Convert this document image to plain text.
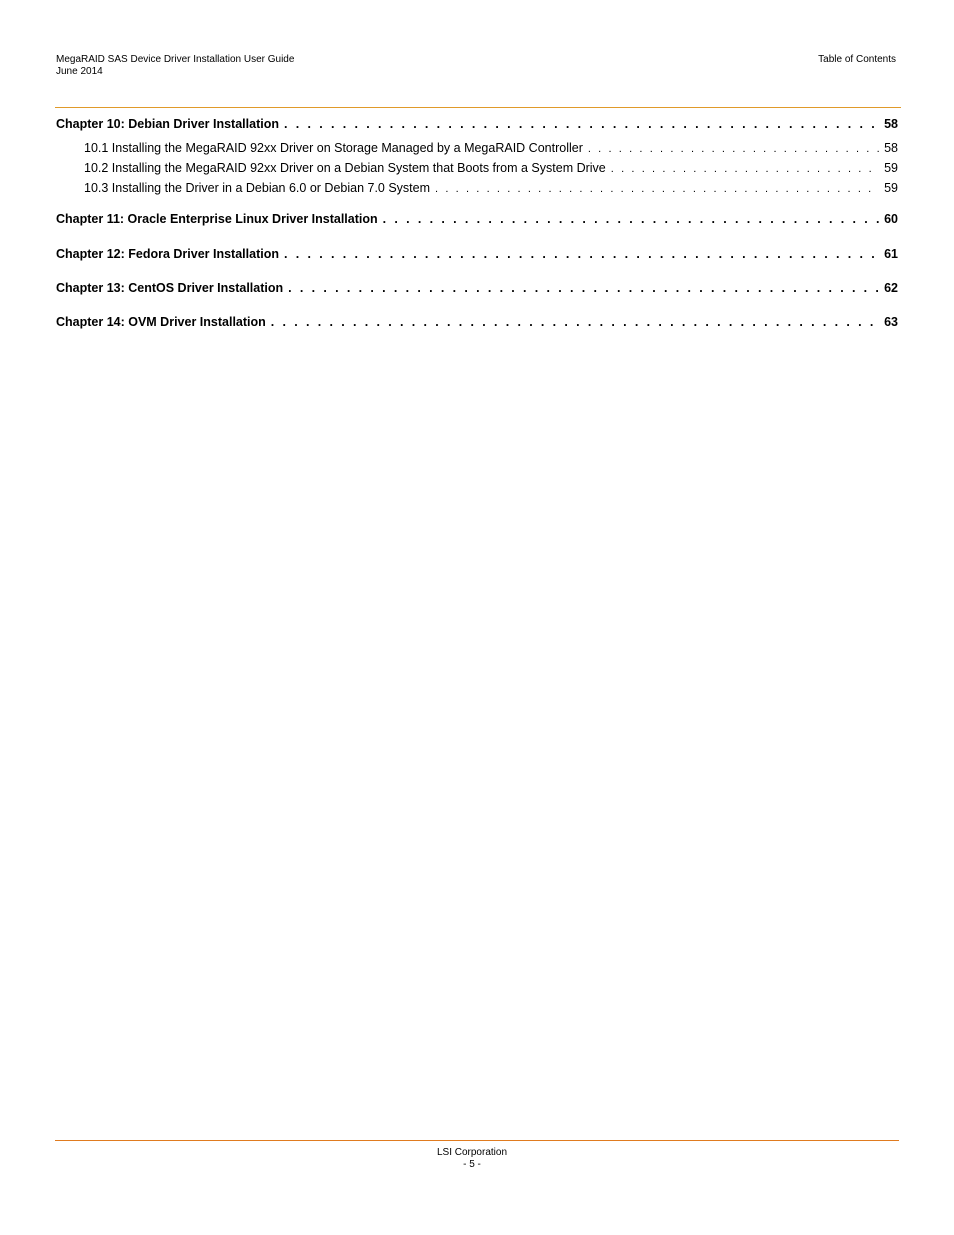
MegaRAID SAS Device Driver Installation User Guide
June 2014
Table of Contents
Chapter 10: Debian Driver Installation . . .	58
10.1 Installing the MegaRAID 92xx Driver on Storage Managed by a MegaRAID Controller . . .	58
10.2 Installing the MegaRAID 92xx Driver on a Debian System that Boots from a System Drive . . .	59
10.3 Installing the Driver in a Debian 6.0 or Debian 7.0 System . . .	59
Chapter 11: Oracle Enterprise Linux Driver Installation . . .	60
Chapter 12: Fedora Driver Installation . . .	61
Chapter 13: CentOS Driver Installation . . .	62
Chapter 14: OVM Driver Installation . . .	63
LSI Corporation
- 5 -
